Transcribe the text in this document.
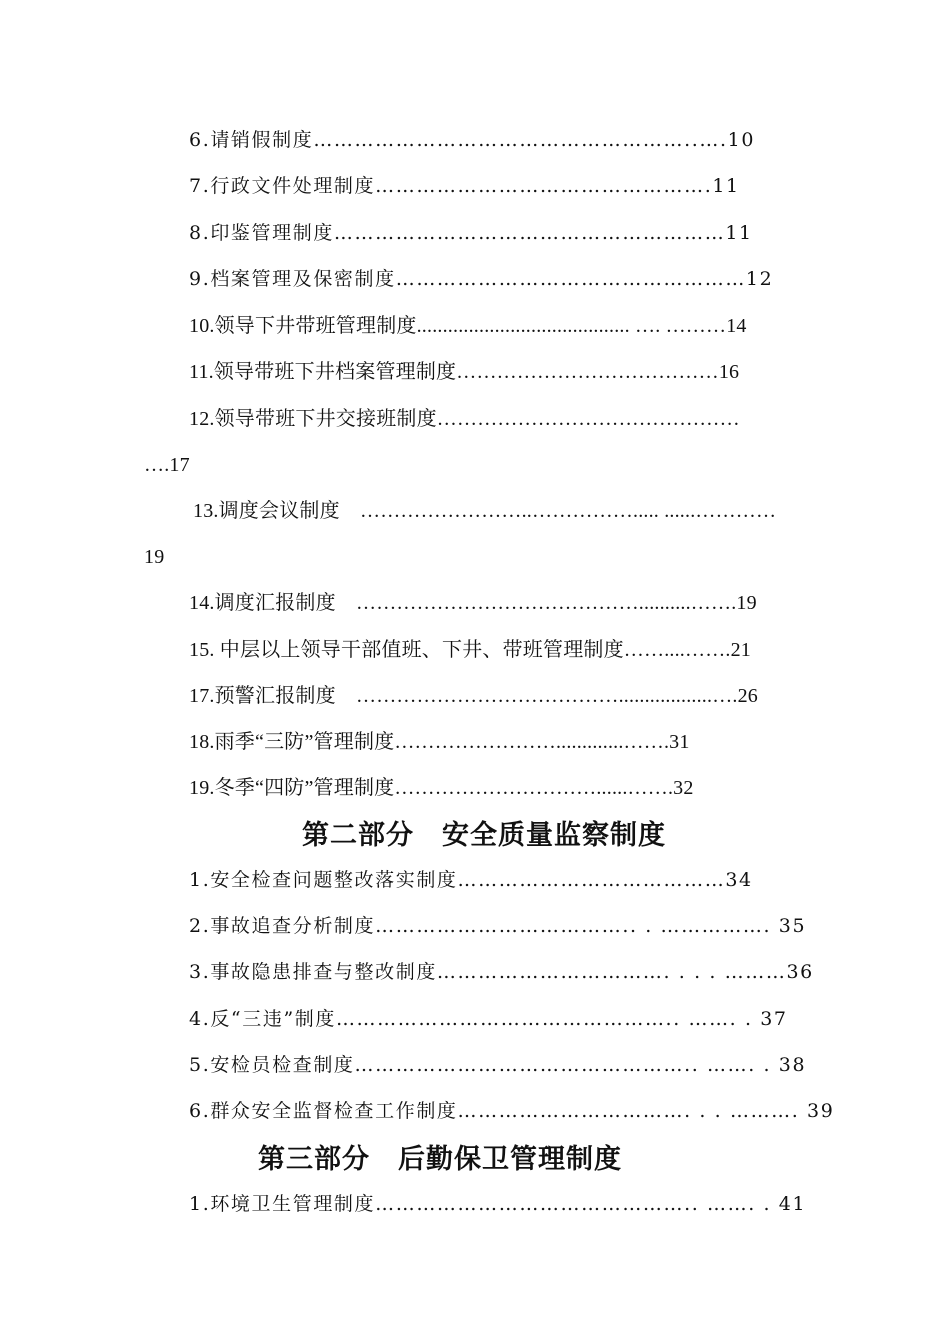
6.请销假制度………………………………………………..….10
7.行政文件处理制度………………………………………….11
8.印鉴管理制度…………………………………………………11
9.档案管理及保密制度……………………………………………12
10.领导下井带班管理制度......................................... …. ………14
11.领导带班下井档案管理制度…………………………………16
12.领导带班下井交接班制度………………………………………
….17
13.调度会议制度　……………………..……………..... ......…………
19
14.调度汇报制度　……………………………………..........…….19
15. 中层以上领导干部值班、下井、带班管理制度……....…….21
17.预警汇报制度　…………………………………..................….26
18.雨季“三防”管理制度…………………….............…….31
19.冬季“四防”管理制度…………………………......…….32
第二部分　安全质量监察制度
1.安全检查问题整改落实制度…………………………………34
2.事故追查分析制度……………………………….. . ……………. 35
3.事故隐患排查与整改制度……………………………. . . . ………36
4.反“三违”制度………………………………………….. ……. . 37
5.安检员检查制度………………………………………….. ……. . 38
6.群众安全监督检查工作制度……………………………. . . ………. 39
第三部分　后勤保卫管理制度
1.环境卫生管理制度……………………………………….. ……. . 41
